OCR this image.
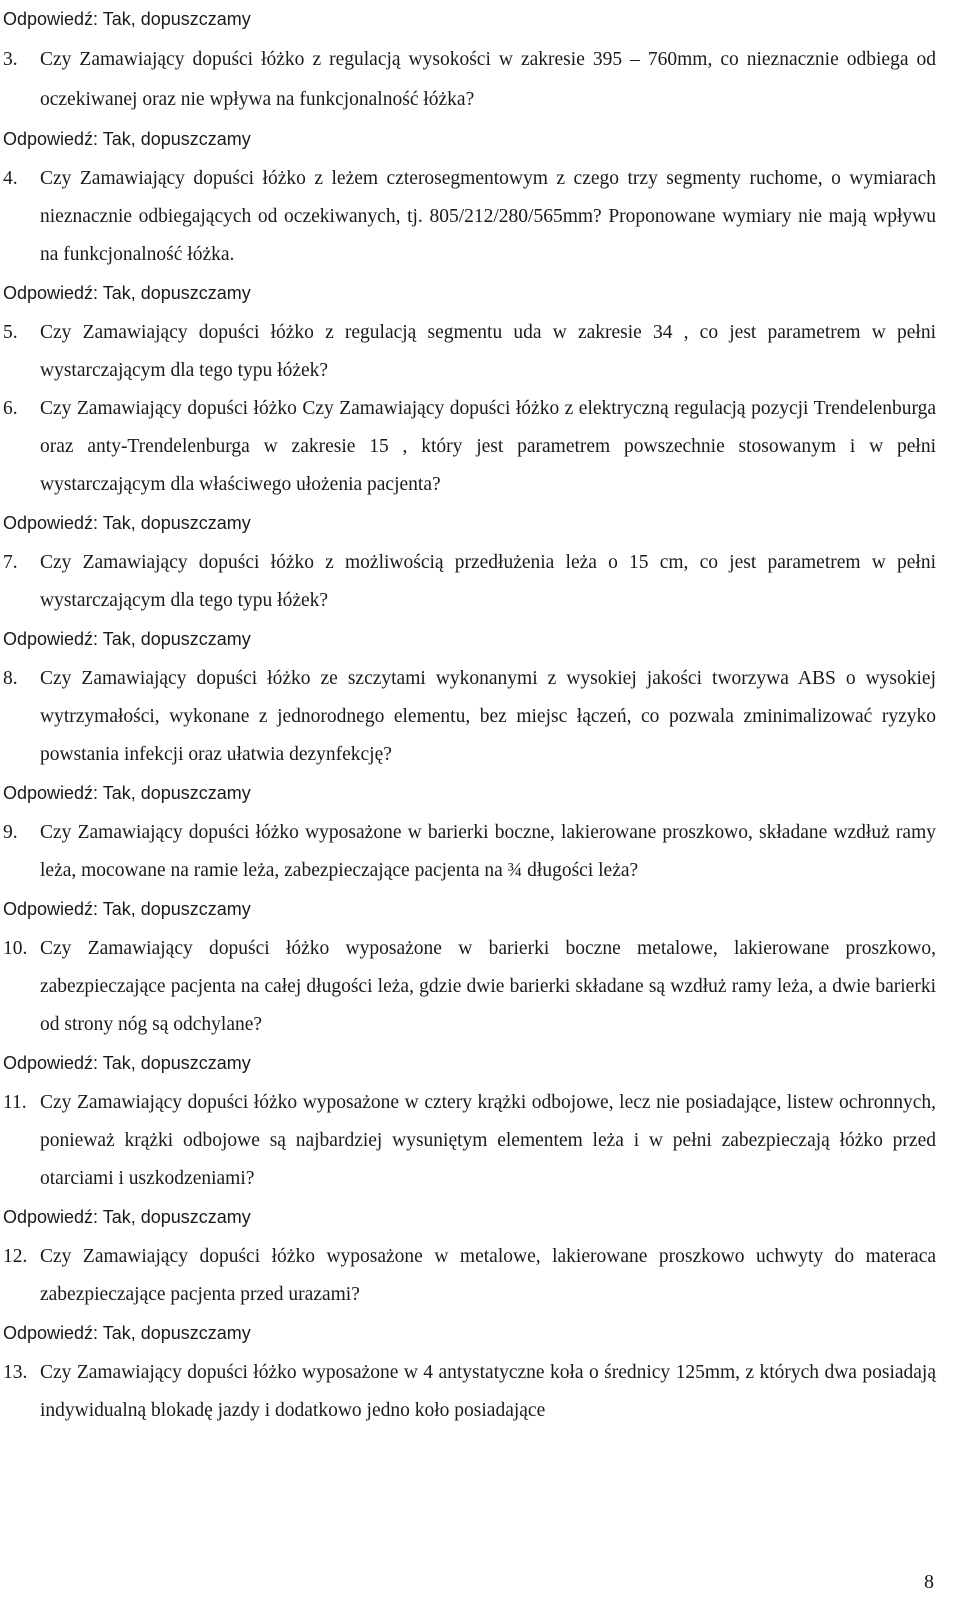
Odpowiedź: Tak, dopuszczamy
3.	Czy Zamawiający dopuści łóżko z regulacją wysokości w zakresie 395 – 760mm, co nieznacznie odbiega od oczekiwanej oraz nie wpływa na funkcjonalność łóżka?
Odpowiedź: Tak, dopuszczamy
4.	Czy Zamawiający dopuści łóżko z leżem czterosegmentowym z czego trzy segmenty ruchome, o wymiarach nieznacznie odbiegających od oczekiwanych, tj. 805/212/280/565mm? Proponowane wymiary nie mają wpływu na funkcjonalność łóżka.
Odpowiedź: Tak, dopuszczamy
5.	Czy Zamawiający dopuści łóżko z regulacją segmentu uda w zakresie 34 , co jest parametrem w pełni wystarczającym dla tego typu łóżek?
6.	Czy Zamawiający dopuści łóżko Czy Zamawiający dopuści łóżko z elektryczną regulacją pozycji Trendelenburga oraz anty-Trendelenburga w zakresie 15 , który jest parametrem powszechnie stosowanym i w pełni wystarczającym dla właściwego ułożenia pacjenta?
Odpowiedź: Tak, dopuszczamy
7.	Czy Zamawiający dopuści łóżko z możliwością przedłużenia leża o 15 cm, co jest parametrem w pełni wystarczającym dla tego typu łóżek?
Odpowiedź: Tak, dopuszczamy
8.	Czy Zamawiający dopuści łóżko ze szczytami wykonanymi z wysokiej jakości tworzywa ABS o wysokiej wytrzymałości, wykonane z jednorodnego elementu, bez miejsc łączeń, co pozwala zminimalizować ryzyko powstania infekcji oraz ułatwia dezynfekcję?
Odpowiedź: Tak, dopuszczamy
9.	Czy Zamawiający dopuści łóżko wyposażone w barierki boczne, lakierowane proszkowo, składane wzdłuż ramy leża, mocowane na ramie leża, zabezpieczające pacjenta na ¾ długości leża?
Odpowiedź: Tak, dopuszczamy
10. Czy Zamawiający dopuści łóżko wyposażone w barierki boczne metalowe, lakierowane proszkowo, zabezpieczające pacjenta na całej długości leża, gdzie dwie barierki składane są wzdłuż ramy leża, a dwie barierki od strony nóg są odchylane?
Odpowiedź: Tak, dopuszczamy
11. Czy Zamawiający dopuści łóżko wyposażone w cztery krążki odbojowe, lecz nie posiadające, listew ochronnych, ponieważ krążki odbojowe są najbardziej wysuniętym elementem leża i w pełni zabezpieczają łóżko przed otarciami i uszkodzeniami?
Odpowiedź: Tak, dopuszczamy
12. Czy Zamawiający dopuści łóżko wyposażone w metalowe, lakierowane proszkowo uchwyty do materaca zabezpieczające pacjenta przed urazami?
Odpowiedź: Tak, dopuszczamy
13. Czy Zamawiający dopuści łóżko wyposażone w 4 antystatyczne koła o średnicy 125mm, z których dwa posiadają indywidualną blokadę jazdy i dodatkowo jedno koło posiadające
8
